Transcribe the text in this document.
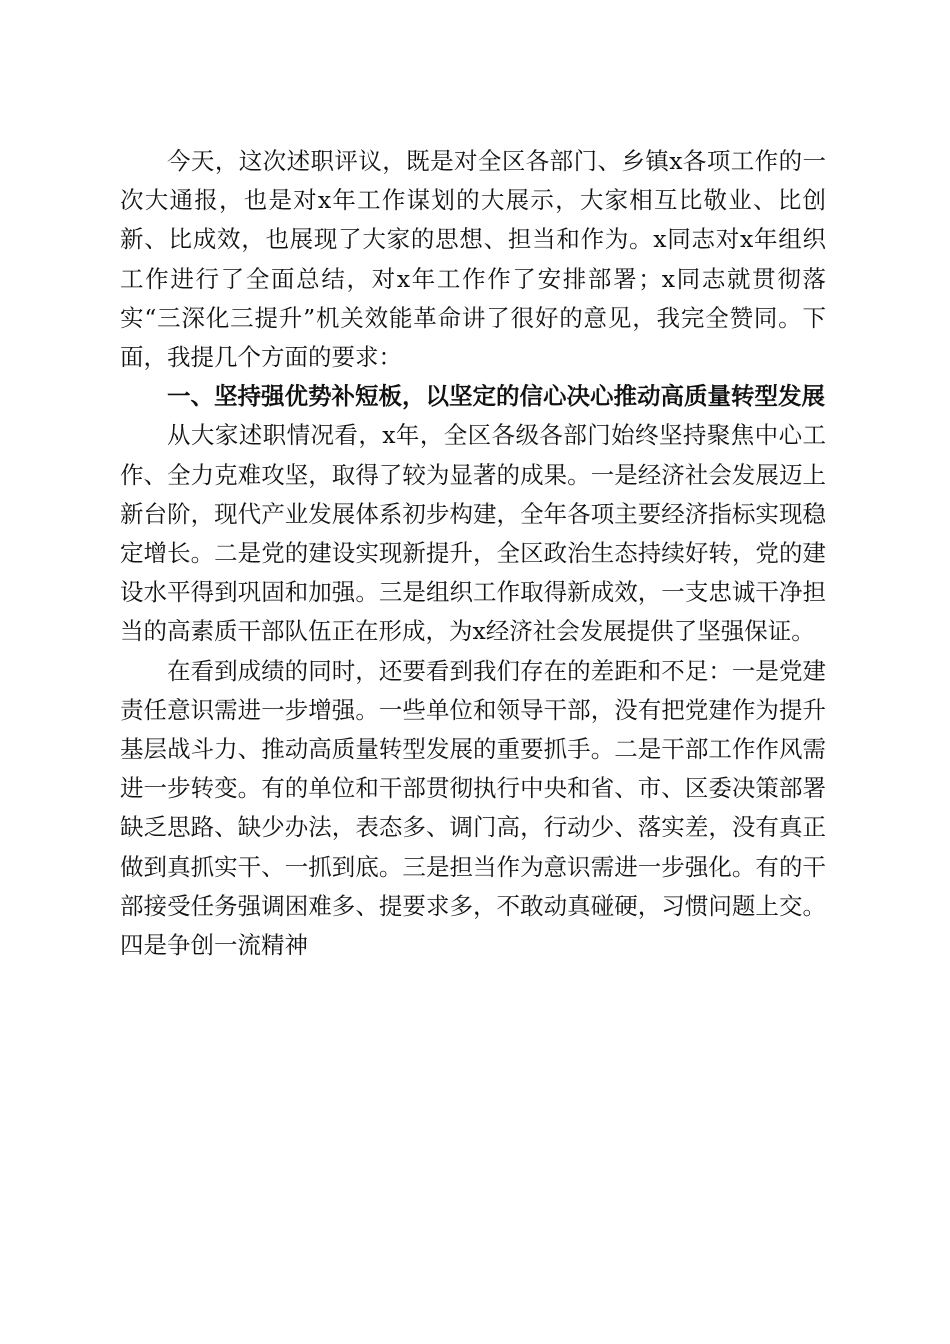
今天，这次述职评议，既是对全区各部门、乡镇x各项工作的一次大通报，也是对x年工作谋划的大展示，大家相互比敬业、比创新、比成效，也展现了大家的思想、担当和作为。x同志对x年组织工作进行了全面总结，对x年工作作了安排部署；x同志就贯彻落实“三深化三提升”机关效能革命讲了很好的意见，我完全赞同。下面，我提几个方面的要求：

一、坚持强优势补短板，以坚定的信心决心推动高质量转型发展

从大家述职情况看，x年，全区各级各部门始终坚持聚焦中心工作、全力克难攻坚，取得了较为显著的成果。一是经济社会发展迈上新台阶，现代产业发展体系初步构建，全年各项主要经济指标实现稳定增长。二是党的建设实现新提升，全区政治生态持续好转，党的建设水平得到巩固和加强。三是组织工作取得新成效，一支忠诚干净担当的高素质干部队伍正在形成，为x经济社会发展提供了坚强保证。

在看到成绩的同时，还要看到我们存在的差距和不足：一是党建责任意识需进一步增强。一些单位和领导干部，没有把党建作为提升基层战斗力、推动高质量转型发展的重要抓手。二是干部工作作风需进一步转变。有的单位和干部贯彻执行中央和省、市、区委决策部署缺乏思路、缺少办法，表态多、调门高，行动少、落实差，没有真正做到真抓实干、一抓到底。三是担当作为意识需进一步强化。有的干部接受任务强调困难多、提要求多，不敢动真碰硬，习惯问题上交。四是争创一流精神
